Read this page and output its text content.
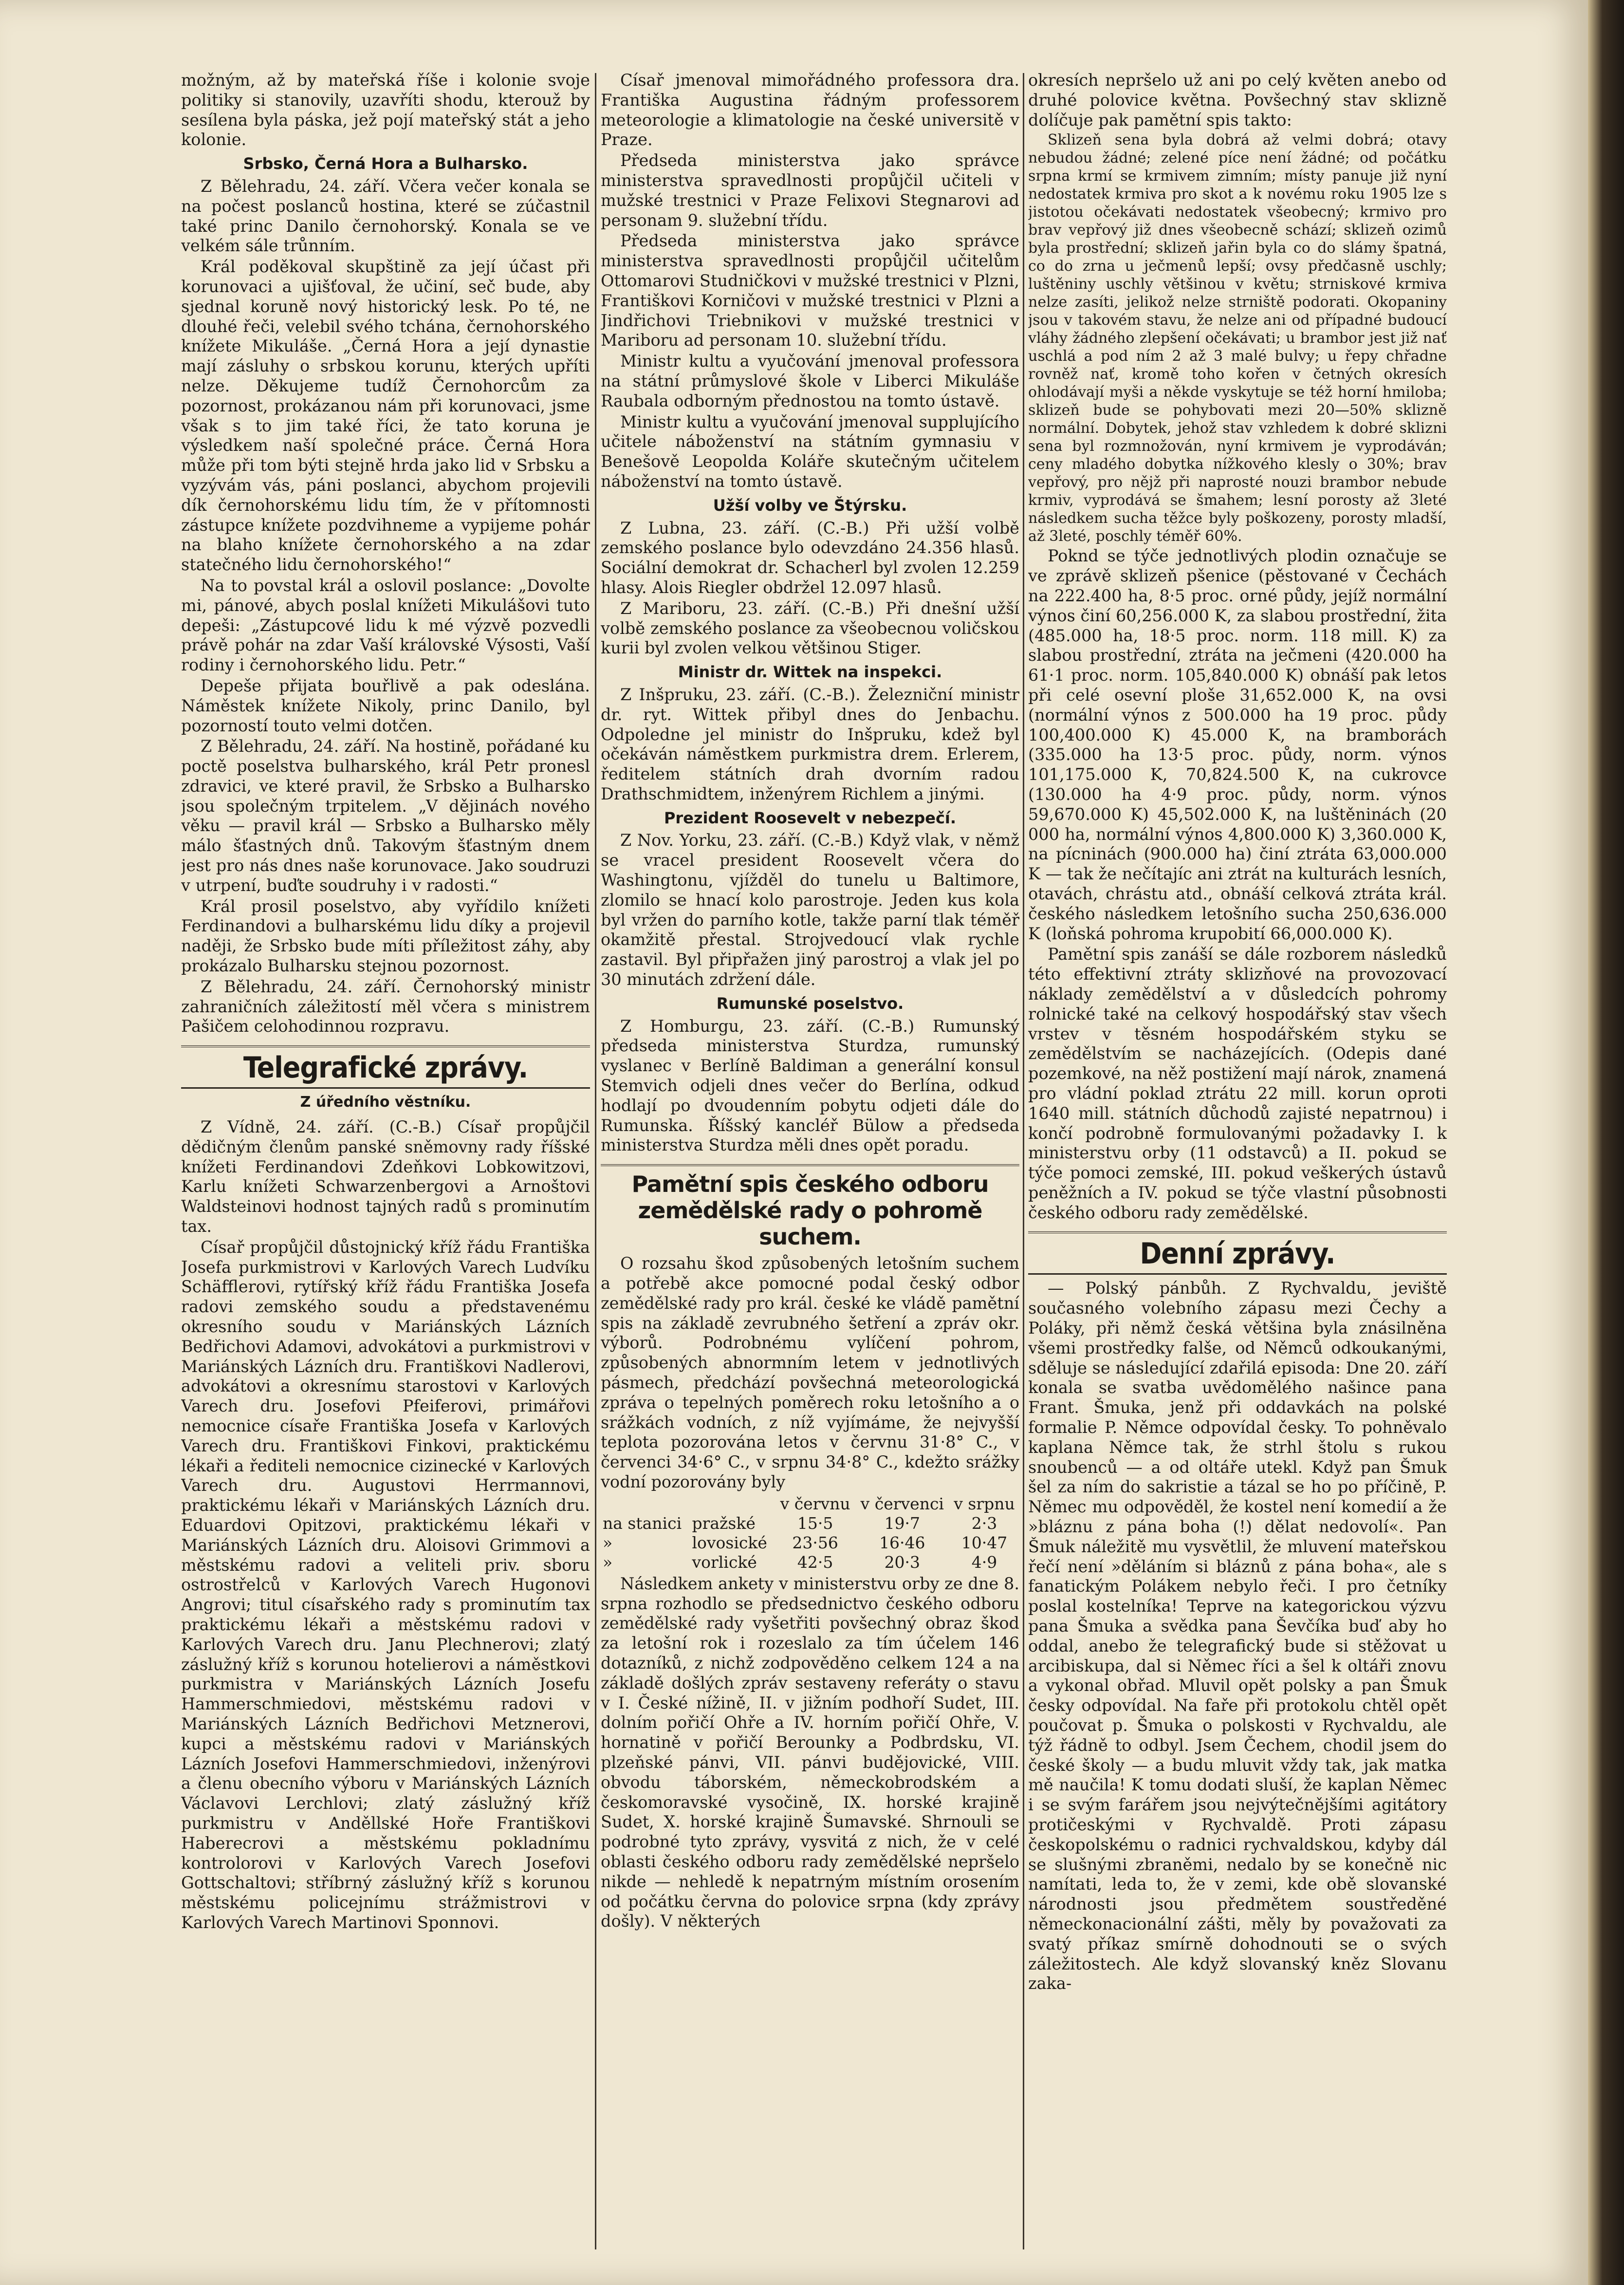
možným, až by mateřská říše i kolonie svoje politiky si stanovily, uzavříti shodu, kterouž by sesílena byla páska, jež pojí mateřský stát a jeho kolonie.

Srbsko, Černá Hora a Bulharsko.

Z Bělehradu, 24. září. Včera večer konala se na počest poslanců hostina, které se zúčastnil také princ Danilo černohorský. Konala se ve velkém sále trůnním.

Král poděkoval skupštině za její účast při korunovaci a ujišťoval, že učiní, seč bude, aby sjednal koruně nový historický lesk. Po té, ne dlouhé řeči, velebil svého tchána, černohorského knížete Mikuláše. „Černá Hora a její dynastie mají zásluhy o srbskou korunu, kterých upříti nelze. Děkujeme tudíž Černohorcům za pozornost, prokázanou nám při korunovaci, jsme však s to jim také říci, že tato koruna je výsledkem naší společné práce. Černá Hora může při tom býti stejně hrda jako lid v Srbsku a vyzývám vás, páni poslanci, abychom projevili dík černohorskému lidu tím, že v přítomnosti zástupce knížete pozdvihneme a vypijeme pohár na blaho knížete černohorského a na zdar statečného lidu černohorského!“

Na to povstal král a oslovil poslance: „Dovolte mi, pánové, abych poslal knížeti Mikulášovi tuto depeši: „Zástupcové lidu k mé výzvě pozvedli právě pohár na zdar Vaší královské Výsosti, Vaší rodiny i černohorského lidu. Petr.“

Depeše přijata bouřlivě a pak odeslána. Náměstek knížete Nikoly, princ Danilo, byl pozorností touto velmi dotčen.

Z Bělehradu, 24. září. Na hostině, pořádané ku poctě poselstva bulharského, král Petr pronesl zdravici, ve které pravil, že Srbsko a Bulharsko jsou společným trpitelem. „V dějinách nového věku — pravil král — Srbsko a Bulharsko měly málo šťastných dnů. Takovým šťastným dnem jest pro nás dnes naše korunovace. Jako soudruzi v utrpení, buďte soudruhy i v radosti.“

Král prosil poselstvo, aby vyřídilo knížeti Ferdinandovi a bulharskému lidu díky a projevil naději, že Srbsko bude míti příležitost záhy, aby prokázalo Bulharsku stejnou pozornost.

Z Bělehradu, 24. září. Černohorský ministr zahraničních záležitostí měl včera s ministrem Pašičem celohodinnou rozpravu.

Telegrafické zprávy.
Z úředního věstníku.

Z Vídně, 24. září. (C.-B.) Císař propůjčil dědičným členům panské sněmovny rady říšské knížeti Ferdinandovi Zdeňkovi Lobkowitzovi, Karlu knížeti Schwarzenbergovi a Arnoštovi Waldsteinovi hodnost tajných radů s prominutím tax.

Císař propůjčil důstojnický kříž řádu Františka Josefa purkmistrovi v Karlových Varech Ludvíku Schäfflerovi, rytířský kříž řádu Františka Josefa radovi zemského soudu a představenému okresního soudu v Mariánských Lázních Bedřichovi Adamovi, advokátovi a purkmistrovi v Mariánských Lázních dru. Františkovi Nadlerovi, advokátovi a okresnímu starostovi v Karlových Varech dru. Josefovi Pfeiferovi, primářovi nemocnice císaře Františka Josefa v Karlových Varech dru. Františkovi Finkovi, praktickému lékaři a řediteli nemocnice cizinecké v Karlových Varech dru. Augustovi Herrmannovi, praktickému lékaři v Mariánských Lázních dru. Eduardovi Opitzovi, praktickému lékaři v Mariánských Lázních dru. Aloisovi Grimmovi a městskému radovi a veliteli priv. sboru ostrostřelců v Karlových Varech Hugonovi Angrovi; titul císařského rady s prominutím tax praktickému lékaři a městskému radovi v Karlových Varech dru. Janu Plechnerovi; zlatý záslužný kříž s korunou hotelierovi a náměstkovi purkmistra v Mariánských Lázních Josefu Hammerschmiedovi, městskému radovi v Mariánských Lázních Bedřichovi Metznerovi, kupci a městskému radovi v Mariánských Lázních Josefovi Hammerschmiedovi, inženýrovi a členu obecního výboru v Mariánských Lázních Václavovi Lerchlovi; zlatý záslužný kříž purkmistru v Anděllské Hoře Františkovi Haberecrovi a městskému pokladnímu kontrolorovi v Karlových Varech Josefovi Gottschaltovi; stříbrný záslužný kříž s korunou městskému policejnímu strážmistrovi v Karlových Varech Martinovi Sponnovi.

Císař jmenoval mimořádného professora dra. Františka Augustina řádným professorem meteorologie a klimatologie na české universitě v Praze.

Předseda ministerstva jako správce ministerstva spravedlnosti propůjčil učiteli v mužské trestnici v Praze Felixovi Stegnarovi ad personam 9. služební třídu.

Předseda ministerstva jako správce ministerstva spravedlnosti propůjčil učitelům Ottomarovi Studničkovi v mužské trestnici v Plzni, Františkovi Korničovi v mužské trestnici v Plzni a Jindřichovi Triebnikovi v mužské trestnici v Mariboru ad personam 10. služební třídu.

Ministr kultu a vyučování jmenoval professora na státní průmyslové škole v Liberci Mikuláše Raubala odborným přednostou na tomto ústavě.

Ministr kultu a vyučování jmenoval supplujícího učitele náboženství na státním gymnasiu v Benešově Leopolda Koláře skutečným učitelem náboženství na tomto ústavě.

Užší volby ve Štýrsku.

Z Lubna, 23. září. (C.-B.) Při užší volbě zemského poslance bylo odevzdáno 24.356 hlasů. Sociální demokrat dr. Schacherl byl zvolen 12.259 hlasy. Alois Riegler obdržel 12.097 hlasů.

Z Mariboru, 23. září. (C.-B.) Při dnešní užší volbě zemského poslance za všeobecnou voličskou kurii byl zvolen velkou většinou Stiger.

Ministr dr. Wittek na inspekci.

Z Inšpruku, 23. září. (C.-B.). Železniční ministr dr. ryt. Wittek přibyl dnes do Jenbachu. Odpoledne jel ministr do Inšpruku, kdež byl očekáván náměstkem purkmistra drem. Erlerem, ředitelem státních drah dvorním radou Drathschmidtem, inženýrem Richlem a jinými.

Prezident Roosevelt v nebezpečí.

Z Nov. Yorku, 23. září. (C.-B.) Když vlak, v němž se vracel president Roosevelt včera do Washingtonu, vjížděl do tunelu u Baltimore, zlomilo se hnací kolo parostroje. Jeden kus kola byl vržen do parního kotle, takže parní tlak téměř okamžitě přestal. Strojvedoucí vlak rychle zastavil. Byl připřažen jiný parostroj a vlak jel po 30 minutách zdržení dále.

Rumunské poselstvo.

Z Homburgu, 23. září. (C.-B.) Rumunský předseda ministerstva Sturdza, rumunský vyslanec v Berlíně Baldiman a generální konsul Stemvich odjeli dnes večer do Berlína, odkud hodlají po dvoudenním pobytu odjeti dále do Rumunska. Říšský kancléř Bülow a předseda ministerstva Sturdza měli dnes opět poradu.

Pamětní spis českého odboru zemědělské rady o pohromě suchem.

O rozsahu škod způsobených letošním suchem a potřebě akce pomocné podal český odbor zemědělské rady pro král. české ke vládě pamětní spis na základě zevrubného šetření a zpráv okr. výborů. Podrobnému vylíčení pohrom, způsobených abnormním letem v jednotlivých pásmech, předchází povšechná meteorologická zpráva o tepelných poměrech roku letošního a o srážkách vodních, z níž vyjímáme, že nejvyšší teplota pozorována letos v červnu 31·8° C., v červenci 34·6° C., v srpnu 34·8° C., kdežto srážky vodní pozorovány byly

		v červnu	v červenci	v srpnu
na stanici	pražské	15·5	19·7	2·3
»	lovosické	23·56	16·46	10·47
»	vorlické	42·5	20·3	4·9

Následkem ankety v ministerstvu orby ze dne 8. srpna rozhodlo se předsednictvo českého odboru zemědělské rady vyšetřiti povšechný obraz škod za letošní rok i rozeslalo za tím účelem 146 dotazníků, z nichž zodpověděno celkem 124 a na základě došlých zpráv sestaveny referáty o stavu v I. České nížině, II. v jižním podhoří Sudet, III. dolním pořičí Ohře a IV. horním pořičí Ohře, V. hornatině v pořičí Berounky a Podbrdsku, VI. plzeňské pánvi, VII. pánvi budějovické, VIII. obvodu táborském, německobrodském a českomoravské vysočině, IX. horské krajině Sudet, X. horské krajině Šumavské. Shrnouli se podrobné tyto zprávy, vysvitá z nich, že v celé oblasti českého odboru rady zemědělské nepršelo nikde — nehledě k nepatrným místním orosením od počátku června do polovice srpna (kdy zprávy došly). V některých

okresích nepršelo už ani po celý květen anebo od druhé polovice května. Povšechný stav sklizně dolíčuje pak pamětní spis takto:

Sklizeň sena byla dobrá až velmi dobrá; otavy nebudou žádné; zelené píce není žádné; od počátku srpna krmí se krmivem zimním; místy panuje již nyní nedostatek krmiva pro skot a k novému roku 1905 lze s jistotou očekávati nedostatek všeobecný; krmivo pro brav vepřový již dnes všeobecně schází; sklizeň ozimů byla prostřední; sklizeň jařin byla co do slámy špatná, co do zrna u ječmenů lepší; ovsy předčasně uschly; luštěniny uschly většinou v květu; strniskové krmiva nelze zasíti, jelikož nelze strniště podorati. Okopaniny jsou v takovém stavu, že nelze ani od případné budoucí vláhy žádného zlepšení očekávati; u brambor jest již nať uschlá a pod ním 2 až 3 malé bulvy; u řepy chřadne rovněž nať, kromě toho kořen v četných okresích ohlodávají myši a někde vyskytuje se též horní hmiloba; sklizeň bude se pohybovati mezi 20—50% sklizně normální. Dobytek, jehož stav vzhledem k dobré sklizni sena byl rozmnožován, nyní krmivem je vyprodáván; ceny mladého dobytka nížkového klesly o 30%; brav vepřový, pro nějž při naprosté nouzi brambor nebude krmiv, vyprodává se šmahem; lesní porosty až 3leté následkem sucha těžce byly poškozeny, porosty mladší, až 3leté, poschly téměř 60%.

Poknd se týče jednotlivých plodin označuje se ve zprávě sklizeň pšenice (pěstované v Čechách na 222.400 ha, 8·5 proc. orné půdy, jejíž normální výnos činí 60,256.000 K, za slabou prostřední, žita (485.000 ha, 18·5 proc. norm. 118 mill. K) za slabou prostřední, ztráta na ječmeni (420.000 ha 61·1 proc. norm. 105,840.000 K) obnáší pak letos při celé osevní ploše 31,652.000 K, na ovsi (normální výnos z 500.000 ha 19 proc. půdy 100,400.000 K) 45.000 K, na bramborách (335.000 ha 13·5 proc. půdy, norm. výnos 101,175.000 K, 70,824.500 K, na cukrovce (130.000 ha 4·9 proc. půdy, norm. výnos 59,670.000 K) 45,502.000 K, na luštěninách (20 000 ha, normální výnos 4,800.000 K) 3,360.000 K, na pícninách (900.000 ha) činí ztráta 63,000.000 K — tak že nečítajíc ani ztrát na kulturách lesních, otavách, chrástu atd., obnáší celková ztráta král. českého následkem letošního sucha 250,636.000 K (loňská pohroma krupobití 66,000.000 K).

Pamětní spis zanáší se dále rozborem následků této effektivní ztráty sklizňové na provozovací náklady zemědělství a v důsledcích pohromy rolnické také na celkový hospodářský stav všech vrstev v těsném hospodářském styku se zemědělstvím se nacházejících. (Odepis dané pozemkové, na něž postižení mají nárok, znamená pro vládní poklad ztrátu 22 mill. korun oproti 1640 mill. státních důchodů zajisté nepatrnou) i končí podrobně formulovanými požadavky I. k ministerstvu orby (11 odstavců) a II. pokud se týče pomoci zemské, III. pokud veškerých ústavů peněžních a IV. pokud se týče vlastní působnosti českého odboru rady zemědělské.

Denní zprávy.

— Polský pánbůh. Z Rychvaldu, jeviště současného volebního zápasu mezi Čechy a Poláky, při němž česká většina byla znásilněna všemi prostředky falše, od Němců odkoukanými, sděluje se následující zdařilá episoda: Dne 20. září konala se svatba uvědomělého našince pana Frant. Šmuka, jenž při oddavkách na polské formalie P. Němce odpovídal česky. To pohněvalo kaplana Němce tak, že strhl štolu s rukou snoubenců — a od oltáře utekl. Když pan Šmuk šel za ním do sakristie a tázal se ho po příčině, P. Němec mu odpověděl, že kostel není komedií a že »bláznu z pána boha (!) dělat nedovolí«. Pan Šmuk náležitě mu vysvětlil, že mluvení mateřskou řečí není »děláním si bláznů z pána boha«, ale s fanatickým Polákem nebylo řeči. I pro četníky poslal kostelníka! Teprve na kategorickou výzvu pana Šmuka a svědka pana Ševčíka buď aby ho oddal, anebo že telegrafický bude si stěžovat u arcibiskupa, dal si Němec říci a šel k oltáři znovu a vykonal obřad. Mluvil opět polsky a pan Šmuk česky odpovídal. Na faře při protokolu chtěl opět poučovat p. Šmuka o polskosti v Rychvaldu, ale týž řádně to odbyl. Jsem Čechem, chodil jsem do české školy — a budu mluvit vždy tak, jak matka mě naučila! K tomu dodati sluší, že kaplan Němec i se svým farářem jsou nejvýtečnějšími agitátory protičeskými v Rychvaldě. Proti zápasu českopolskému o radnici rychvaldskou, kdyby dál se slušnými zbraněmi, nedalo by se konečně nic namítati, leda to, že v zemi, kde obě slovanské národnosti jsou předmětem soustředěné německonacionální zášti, měly by považovati za svatý příkaz smírně dohodnouti se o svých záležitostech. Ale když slovanský kněz Slovanu zaka-
